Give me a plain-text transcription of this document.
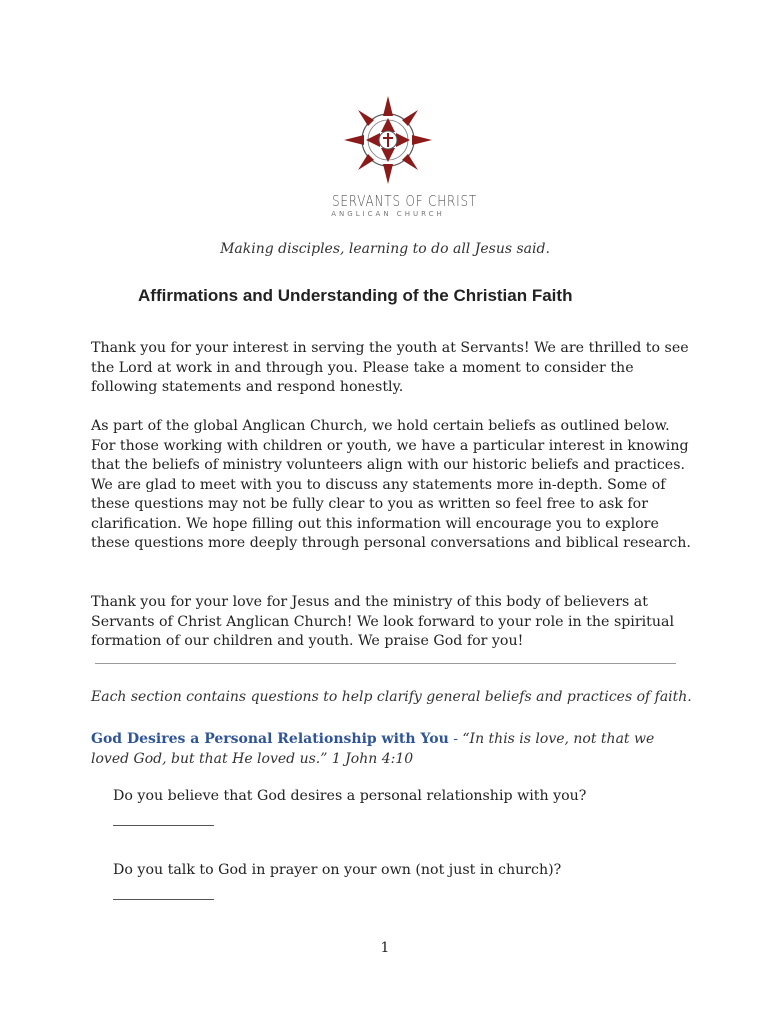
SERVANTS OF CHRIST
ANGLICAN CHURCH
Making disciples, learning to do all Jesus said.
Affirmations and Understanding of the Christian Faith
Thank you for your interest in serving the youth at Servants! We are thrilled to see the Lord at work in and through you. Please take a moment to consider the following statements and respond honestly.
As part of the global Anglican Church, we hold certain beliefs as outlined below. For those working with children or youth, we have a particular interest in knowing that the beliefs of ministry volunteers align with our historic beliefs and practices. We are glad to meet with you to discuss any statements more in-depth. Some of these questions may not be fully clear to you as written so feel free to ask for clarification. We hope filling out this information will encourage you to explore these questions more deeply through personal conversations and biblical research.
Thank you for your love for Jesus and the ministry of this body of believers at Servants of Christ Anglican Church! We look forward to your role in the spiritual formation of our children and youth. We praise God for you!
Each section contains questions to help clarify general beliefs and practices of faith.
God Desires a Personal Relationship with You - “In this is love, not that we loved God, but that He loved us.” 1 John 4:10
Do you believe that God desires a personal relationship with you?
Do you talk to God in prayer on your own (not just in church)?
1
